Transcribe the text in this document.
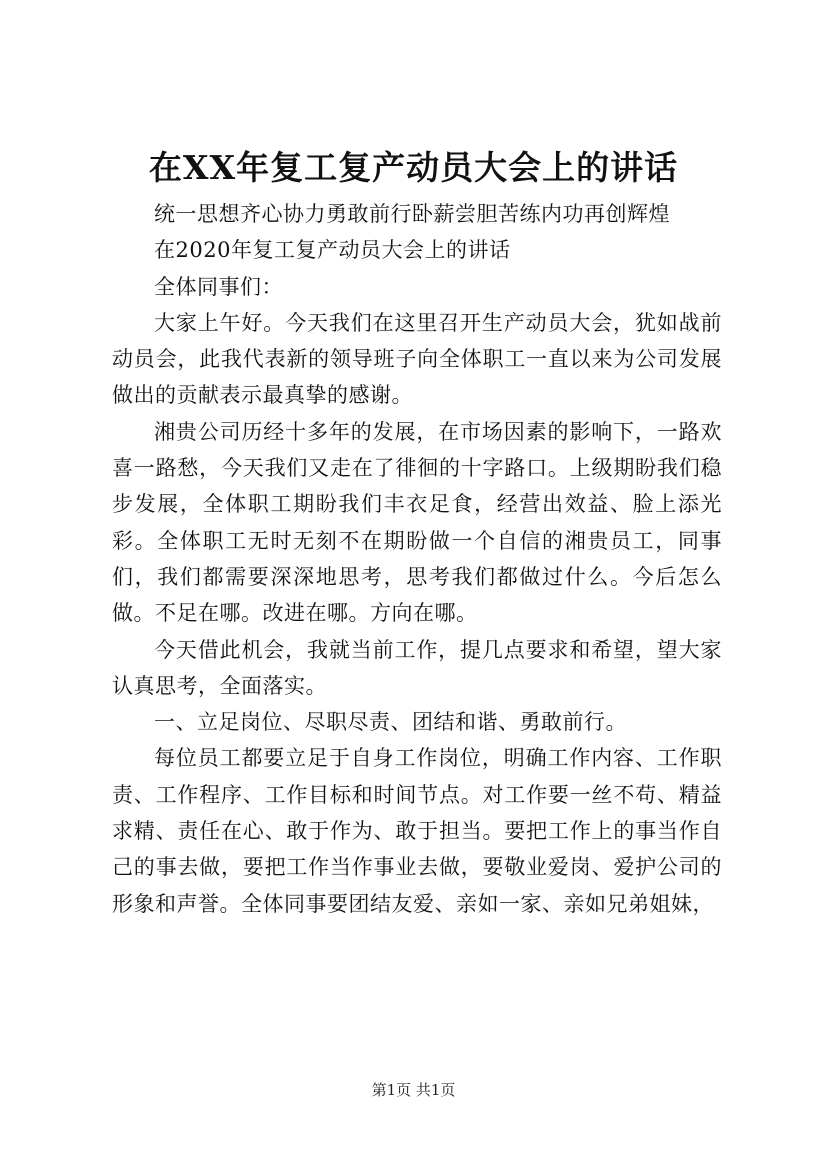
在XX年复工复产动员大会上的讲话

统一思想齐心协力勇敢前行卧薪尝胆苦练内功再创辉煌

在2020年复工复产动员大会上的讲话

全体同事们：

大家上午好。今天我们在这里召开生产动员大会，犹如战前动员会，此我代表新的领导班子向全体职工一直以来为公司发展做出的贡献表示最真挚的感谢。

湘贵公司历经十多年的发展，在市场因素的影响下，一路欢喜一路愁，今天我们又走在了徘徊的十字路口。上级期盼我们稳步发展，全体职工期盼我们丰衣足食，经营出效益、脸上添光彩。全体职工无时无刻不在期盼做一个自信的湘贵员工，同事们，我们都需要深深地思考，思考我们都做过什么。今后怎么做。不足在哪。改进在哪。方向在哪。

今天借此机会，我就当前工作，提几点要求和希望，望大家认真思考，全面落实。

一、立足岗位、尽职尽责、团结和谐、勇敢前行。

每位员工都要立足于自身工作岗位，明确工作内容、工作职责、工作程序、工作目标和时间节点。对工作要一丝不苟、精益求精、责任在心、敢于作为、敢于担当。要把工作上的事当作自己的事去做，要把工作当作事业去做，要敬业爱岗、爱护公司的形象和声誉。全体同事要团结友爱、亲如一家、亲如兄弟姐妹，

第1页 共1页
